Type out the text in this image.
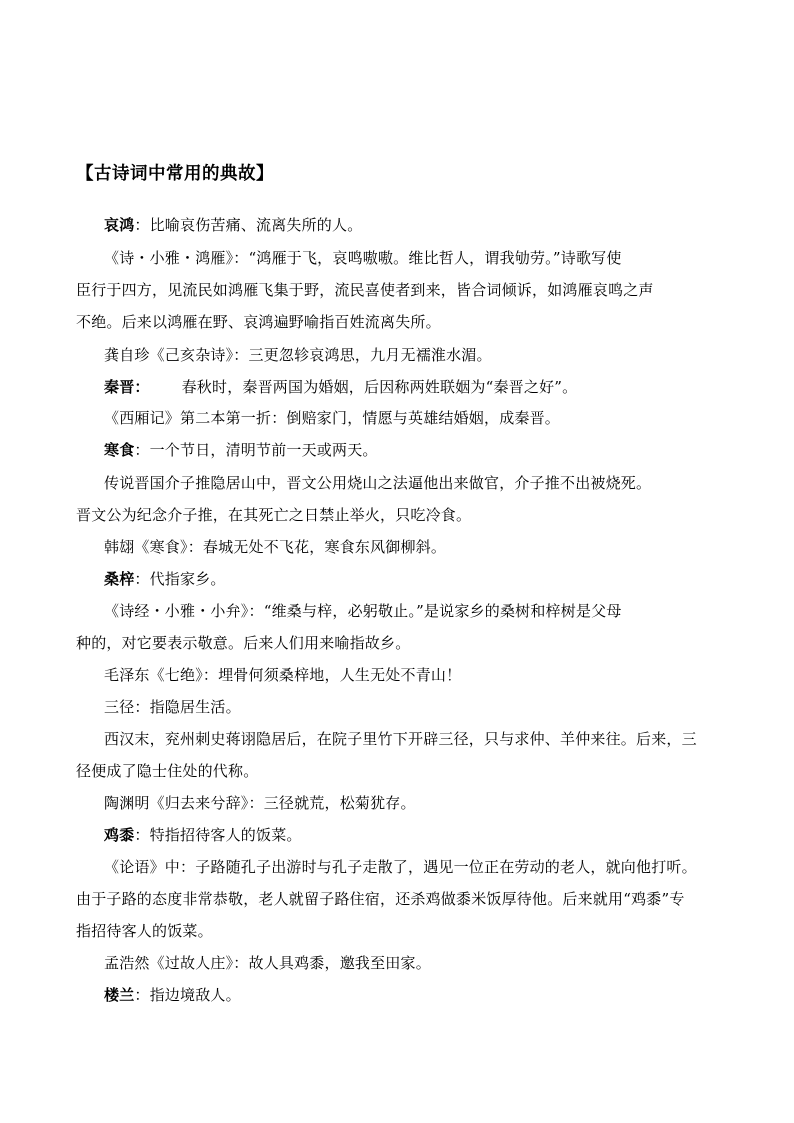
【古诗词中常用的典故】
哀鸿：比喻哀伤苦痛、流离失所的人。
《诗・小雅・鸿雁》：“鸿雁于飞，哀鸣嗷嗷。维比哲人，谓我劬劳。”诗歌写使
臣行于四方，见流民如鸿雁飞集于野，流民喜使者到来，皆合词倾诉，如鸿雁哀鸣之声
不绝。后来以鸿雁在野、哀鸿遍野喻指百姓流离失所。
龚自珍《己亥杂诗》：三更忽轸哀鸿思，九月无襦淮水湄。
秦晋： 春秋时，秦晋两国为婚姻，后因称两姓联姻为“秦晋之好”。
《西厢记》第二本第一折：倒赔家门，情愿与英雄结婚姻，成秦晋。
寒食：一个节日，清明节前一天或两天。
传说晋国介子推隐居山中，晋文公用烧山之法逼他出来做官，介子推不出被烧死。
晋文公为纪念介子推，在其死亡之日禁止举火，只吃冷食。
韩翃《寒食》：春城无处不飞花，寒食东风御柳斜。
桑梓：代指家乡。
《诗经・小雅・小弁》：“维桑与梓，必躬敬止。”是说家乡的桑树和梓树是父母
种的，对它要表示敬意。后来人们用来喻指故乡。
毛泽东《七绝》：埋骨何须桑梓地，人生无处不青山！
三径：指隐居生活。
西汉末，兖州刺史蒋诩隐居后，在院子里竹下开辟三径，只与求仲、羊仲来往。后来，三
径便成了隐士住处的代称。
陶渊明《归去来兮辞》：三径就荒，松菊犹存。
鸡黍：特指招待客人的饭菜。
《论语》中：子路随孔子出游时与孔子走散了，遇见一位正在劳动的老人，就向他打听。
由于子路的态度非常恭敬，老人就留子路住宿，还杀鸡做黍米饭厚待他。后来就用“鸡黍”专
指招待客人的饭菜。
孟浩然《过故人庄》：故人具鸡黍，邀我至田家。
楼兰：指边境敌人。
